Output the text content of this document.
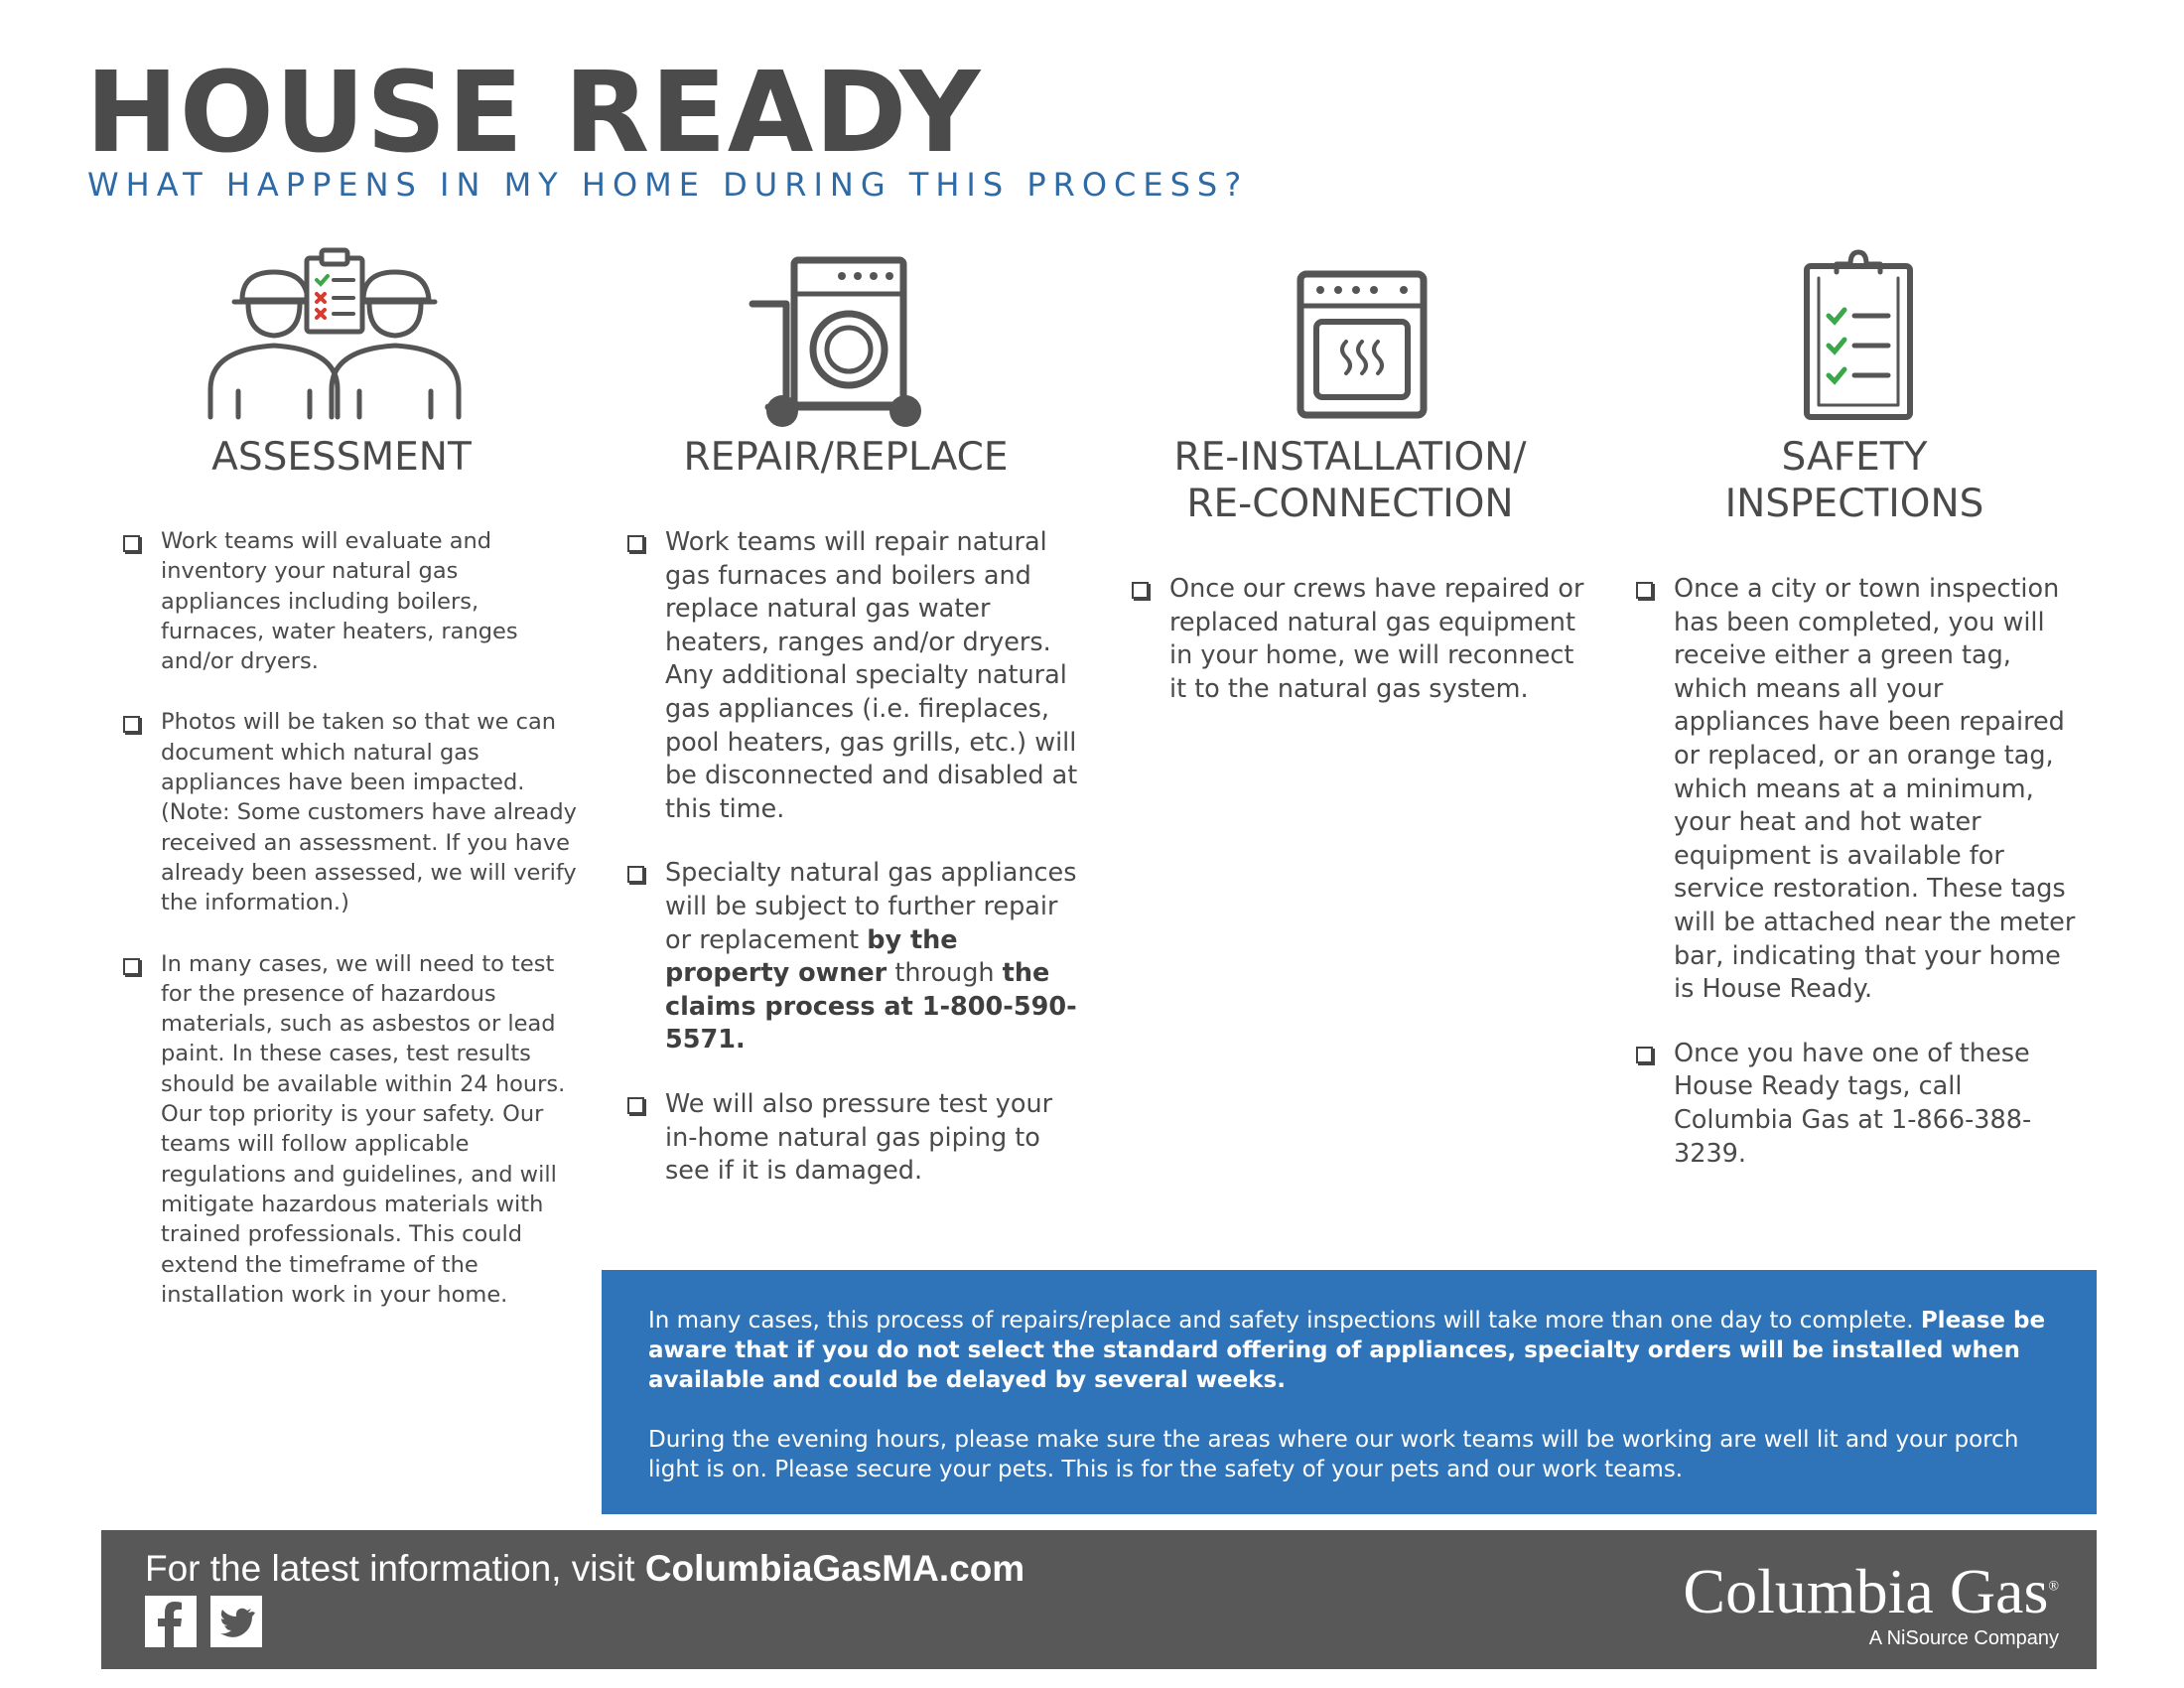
HOUSE READY
WHAT HAPPENS IN MY HOME DURING THIS PROCESS?
ASSESSMENT
Work teams will evaluate and inventory your natural gas appliances including boilers, furnaces, water heaters, ranges and/or dryers.
Photos will be taken so that we can document which natural gas appliances have been impacted. (Note: Some customers have already received an assessment. If you have already been assessed, we will verify the information.)
In many cases, we will need to test for the presence of hazardous materials, such as asbestos or lead paint. In these cases, test results should be available within 24 hours. Our top priority is your safety. Our teams will follow applicable regulations and guidelines, and will mitigate hazardous materials with trained professionals. This could extend the timeframe of the installation work in your home.
REPAIR/REPLACE
Work teams will repair natural gas furnaces and boilers and replace natural gas water heaters, ranges and/or dryers. Any additional specialty natural gas appliances (i.e. fireplaces, pool heaters, gas grills, etc.) will be disconnected and disabled at this time.
Specialty natural gas appliances will be subject to further repair or replacement by the property owner through the claims process at 1-800-590-5571.
We will also pressure test your in-home natural gas piping to see if it is damaged.
RE-INSTALLATION/
RE-CONNECTION
Once our crews have repaired or replaced natural gas equipment in your home, we will reconnect it to the natural gas system.
SAFETY
INSPECTIONS
Once a city or town inspection has been completed, you will receive either a green tag, which means all your appliances have been repaired or replaced, or an orange tag, which means at a minimum, your heat and hot water equipment is available for service restoration. These tags will be attached near the meter bar, indicating that your home is House Ready.
Once you have one of these House Ready tags, call Columbia Gas at 1-866-388-3239.

In many cases, this process of repairs/replace and safety inspections will take more than one day to complete. Please be aware that if you do not select the standard offering of appliances, specialty orders will be installed when available and could be delayed by several weeks.

During the evening hours, please make sure the areas where our work teams will be working are well lit and your porch light is on. Please secure your pets. This is for the safety of your pets and our work teams.

For the latest information, visit ColumbiaGasMA.com	Columbia Gas®
A NiSource Company
